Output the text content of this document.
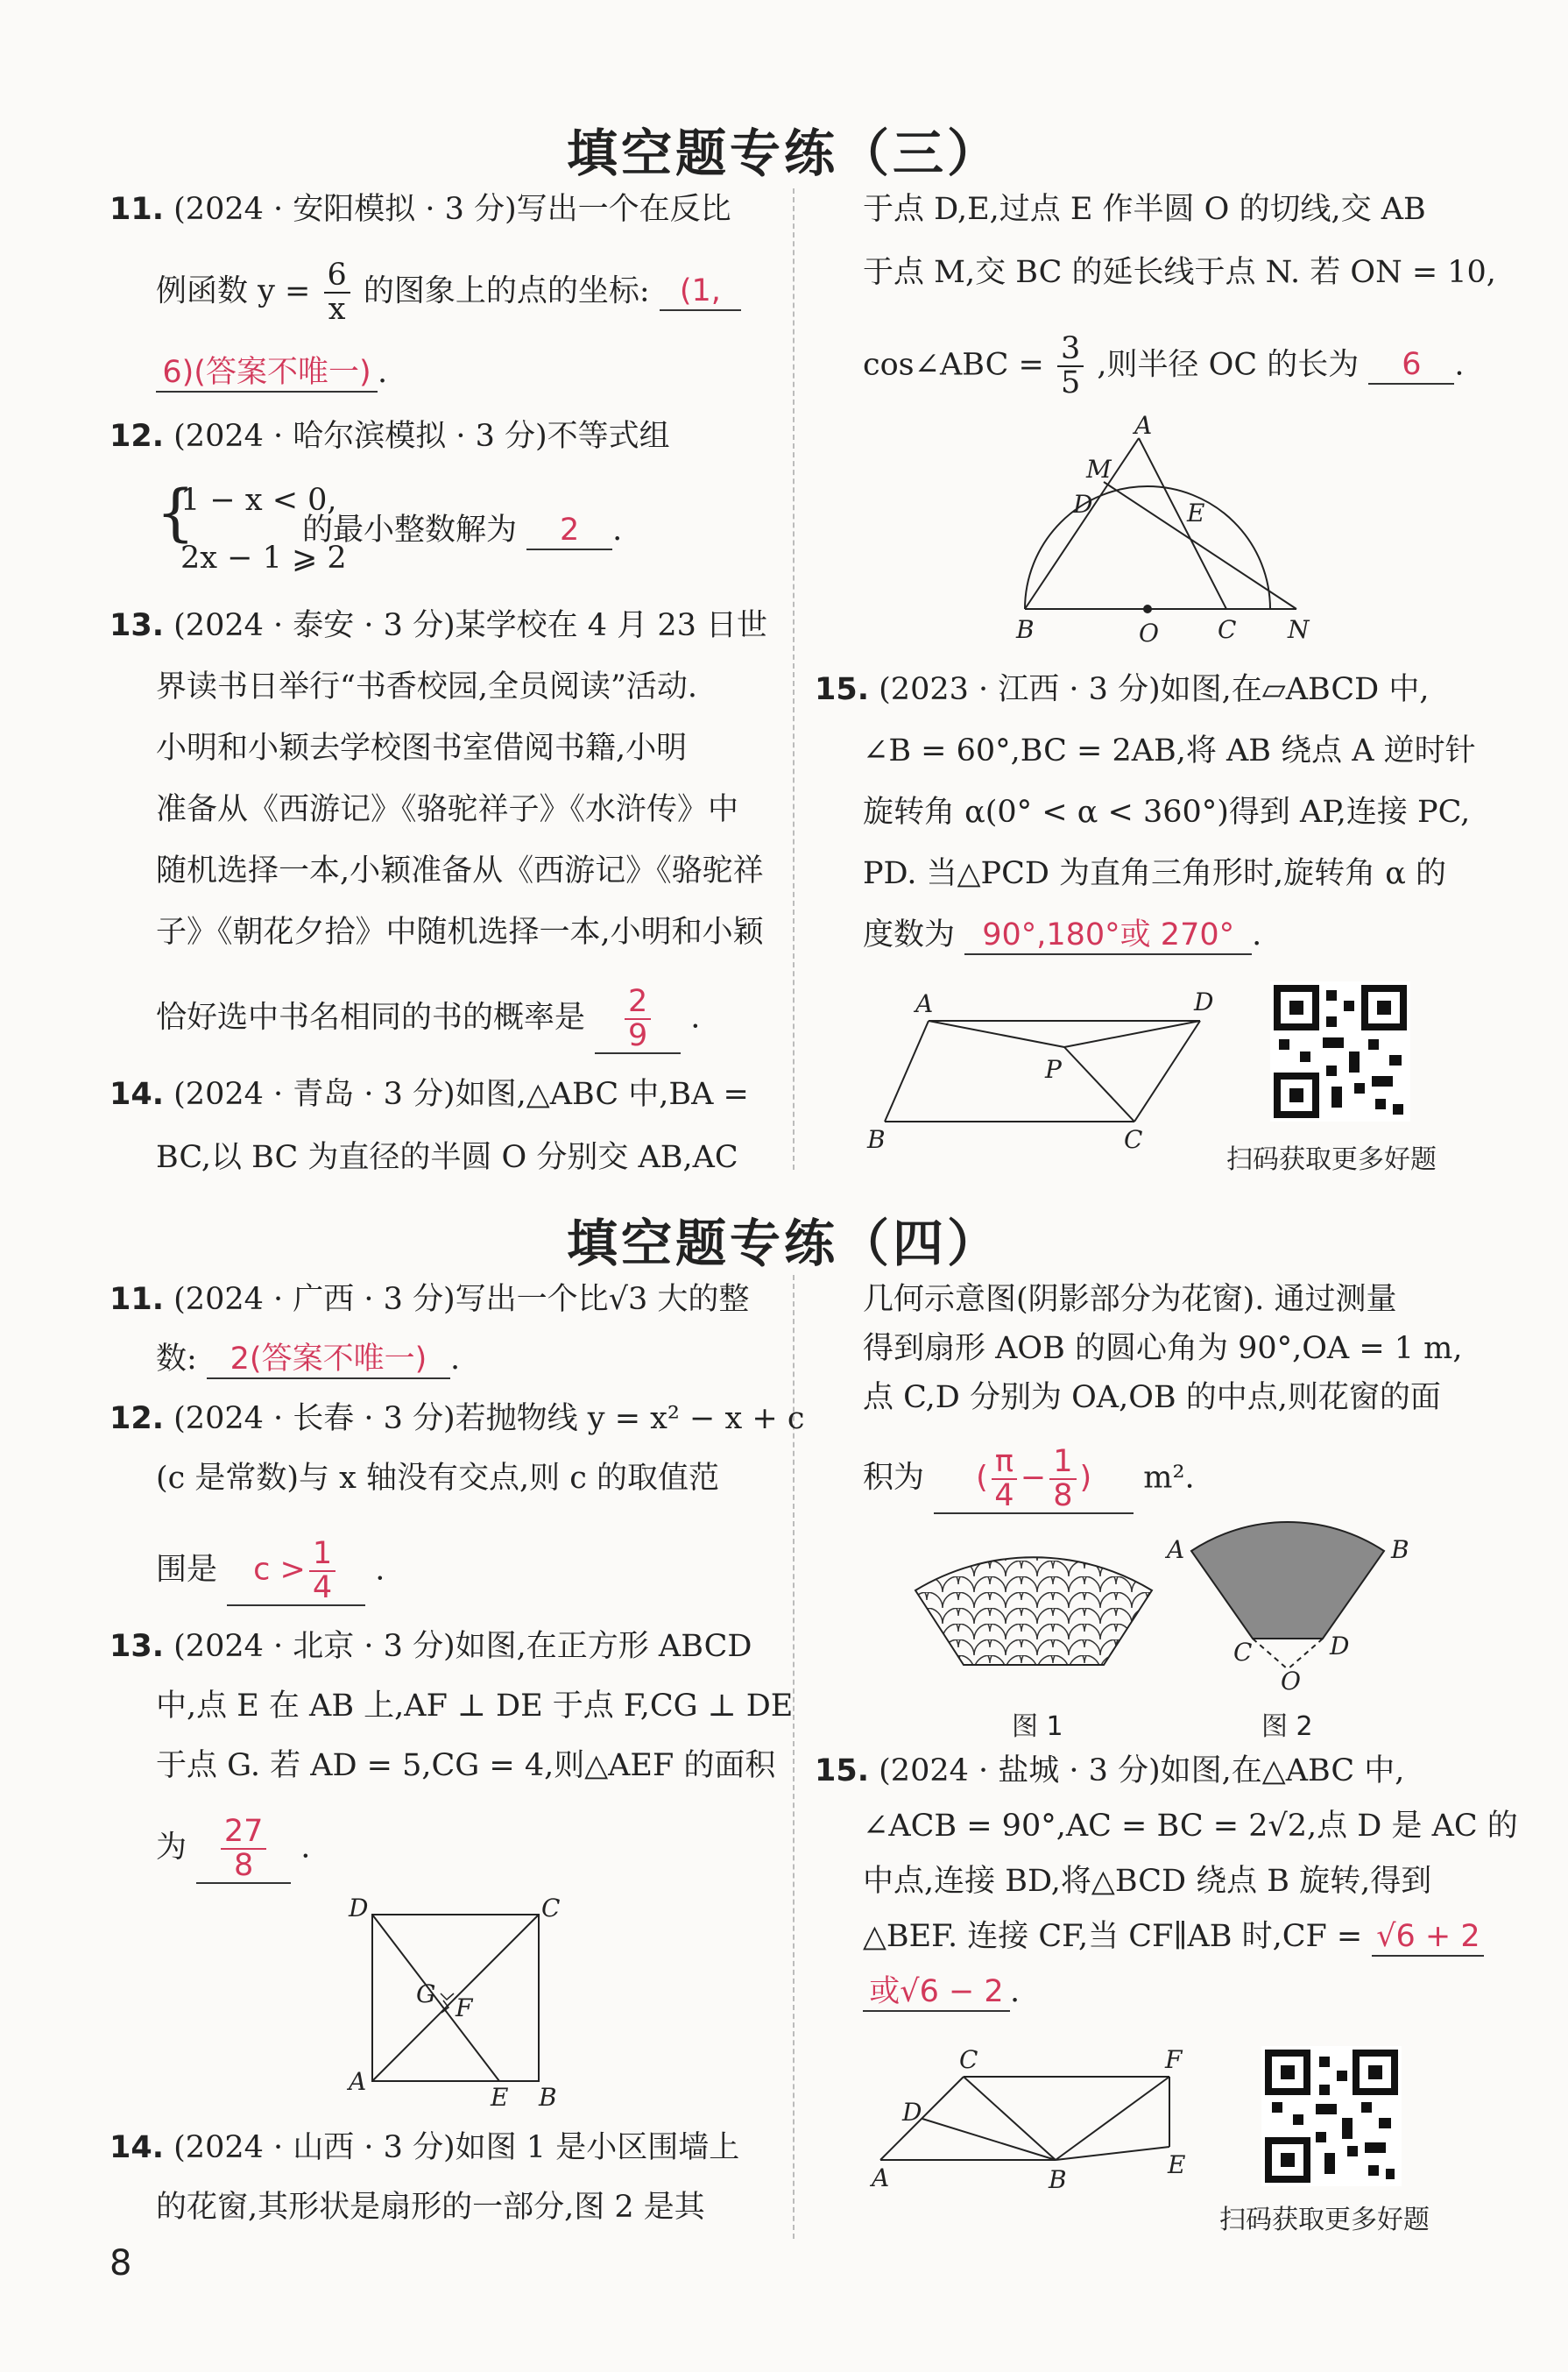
填空题专练（三）
11. (2024 · 安阳模拟 · 3 分)写出一个在反比
例函数 $y = \frac{6}{x}$ 的图象上的点的坐标: (1,
6)(答案不唯一) .
12. (2024 · 哈尔滨模拟 · 3 分)不等式组
{
1 − x < 0,
2x − 1 ⩾ 2
的最小整数解为 2 .
13. (2024 · 泰安 · 3 分)某学校在 4 月 23 日世
界读书日举行“书香校园,全员阅读”活动.
小明和小颖去学校图书室借阅书籍,小明
准备从《西游记》《骆驼祥子》《水浒传》中
随机选择一本,小颖准备从《西游记》《骆驼祥
子》《朝花夕拾》中随机选择一本,小明和小颖
恰好选中书名相同的书的概率是 $\frac{2}{9}$ .
14. (2024 · 青岛 · 3 分)如图,△ABC 中,BA =
BC,以 BC 为直径的半圆 O 分别交 AB,AC
于点 D,E,过点 E 作半圆 O 的切线,交 AB
于点 M,交 BC 的延长线于点 N. 若 ON = 10,
cos∠ABC = $\frac{3}{5}$ ,则半径 OC 的长为 6 .
A
M
D	E
B	O C N
15. (2023 · 江西 · 3 分)如图,在▱ABCD 中,
∠B = 60°,BC = 2AB,将 AB 绕点 A 逆时针
旋转角 α(0° < α < 360°)得到 AP,连接 PC,
PD. 当△PCD 为直角三角形时,旋转角 α 的
度数为 90°,180°或 270° .
A	D
P
B	C
扫码获取更多好题
填空题专练（四）
11. (2024 · 广西 · 3 分)写出一个比√3 大的整
数: 2(答案不唯一) .
12. (2024 · 长春 · 3 分)若抛物线 y = x² − x + c
(c 是常数)与 x 轴没有交点,则 c 的取值范
围是 $c > \frac{1}{4}$ .
13. (2024 · 北京 · 3 分)如图,在正方形 ABCD
中,点 E 在 AB 上,AF ⊥ DE 于点 F,CG ⊥ DE
于点 G. 若 AD = 5,CG = 4,则△AEF 的面积
为 $\frac{27}{8}$ .
D	C
G F
A
E B
14. (2024 · 山西 · 3 分)如图 1 是小区围墙上
的花窗,其形状是扇形的一部分,图 2 是其
几何示意图(阴影部分为花窗). 通过测量
得到扇形 AOB 的圆心角为 90°,OA = 1 m,
点 C,D 分别为 OA,OB 的中点,则花窗的面
积为 ( $\frac{\pi}{4} - \frac{1}{8}$ ) m².
A	B
C	D
O
图 1	图 2
15. (2024 · 盐城 · 3 分)如图,在△ABC 中,
∠ACB = 90°,AC = BC = 2√2,点 D 是 AC 的
中点,连接 BD,将△BCD 绕点 B 旋转,得到
△BEF. 连接 CF,当 CF∥AB 时,CF = √6 + 2
或√6 − 2 .
C	F
D
A	B
E
扫码获取更多好题
8
